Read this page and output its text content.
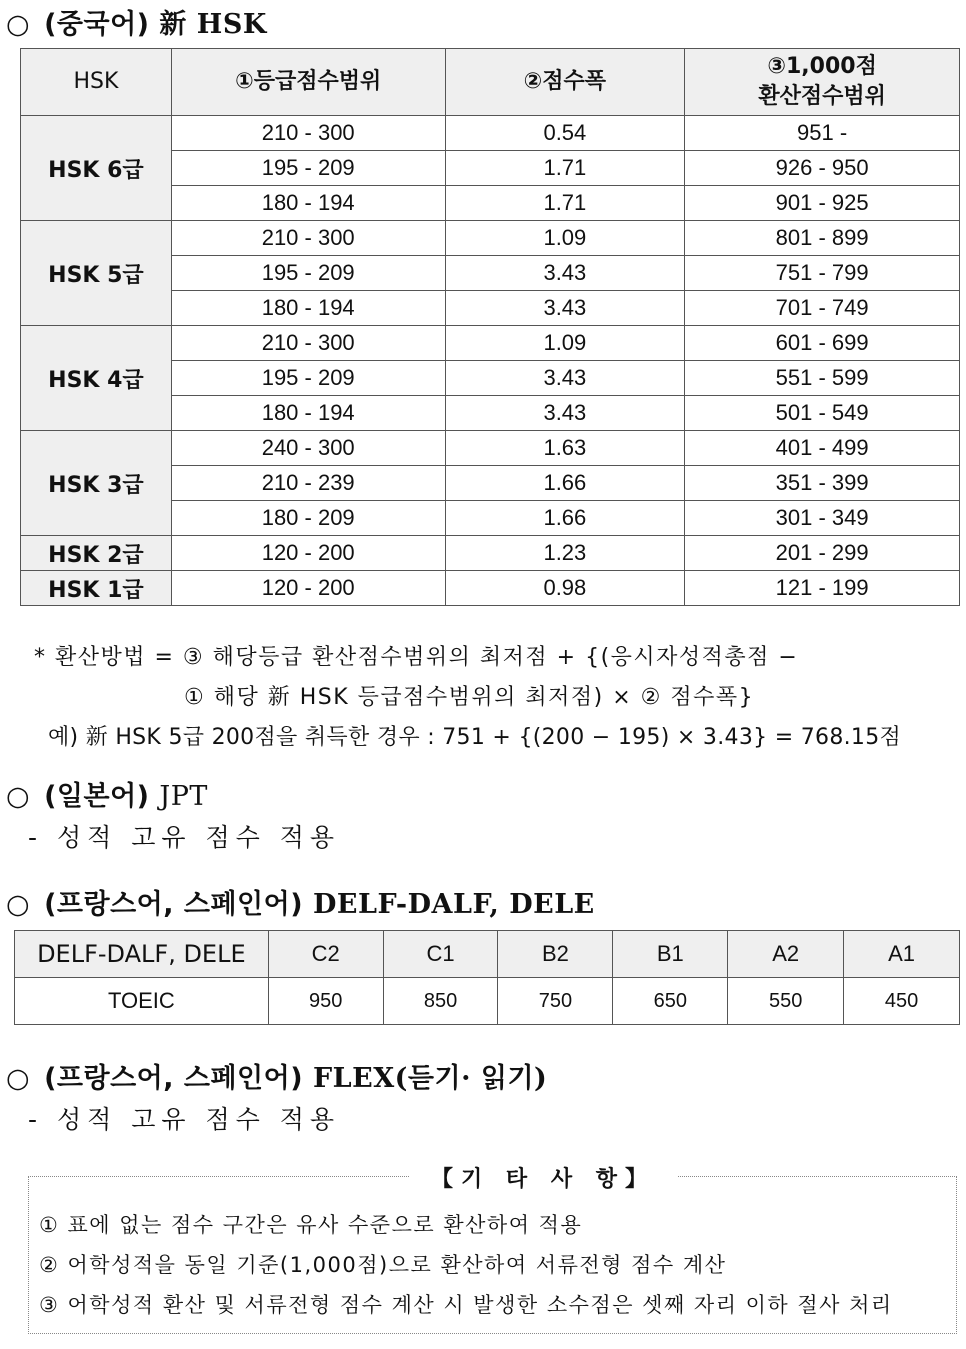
○ (중국어) 新 HSK
HSK	①등급점수범위	②점수폭	③1,000점
환산점수범위

HSK 6급	210 - 300	0.54	951 -
	195 - 209	1.71	926 - 950
	180 - 194	1.71	901 - 925
HSK 5급	210 - 300	1.09	801 - 899
	195 - 209	3.43	751 - 799
	180 - 194	3.43	701 - 749
HSK 4급	210 - 300	1.09	601 - 699
	195 - 209	3.43	551 - 599
	180 - 194	3.43	501 - 549
HSK 3급	240 - 300	1.63	401 - 499
	210 - 239	1.66	351 - 399
	180 - 209	1.66	301 - 349
HSK 2급	120 - 200	1.23	201 - 299
HSK 1급	120 - 200	0.98	121 - 199
* 환산방법 = ③ 해당등급 환산점수범위의 최저점 + {(응시자성적총점 −
① 해당 新 HSK 등급점수범위의 최저점) × ② 점수폭}
예) 新 HSK 5급 200점을 취득한 경우 : 751 + {(200 − 195) × 3.43} = 768.15점
○ (일본어) JPT
- 성적 고유 점수 적용
○ (프랑스어, 스페인어) DELF-DALF, DELE
DELF-DALF, DELE	C2	C1	B2	B1	A2	A1
TOEIC	950	850	750	650	550	450
○ (프랑스어, 스페인어) FLEX(듣기· 읽기)
- 성적 고유 점수 적용
【기 타 사 항】
① 표에 없는 점수 구간은 유사 수준으로 환산하여 적용
② 어학성적을 동일 기준(1,000점)으로 환산하여 서류전형 점수 계산
③ 어학성적 환산 및 서류전형 점수 계산 시 발생한 소수점은 셋째 자리 이하 절사 처리
